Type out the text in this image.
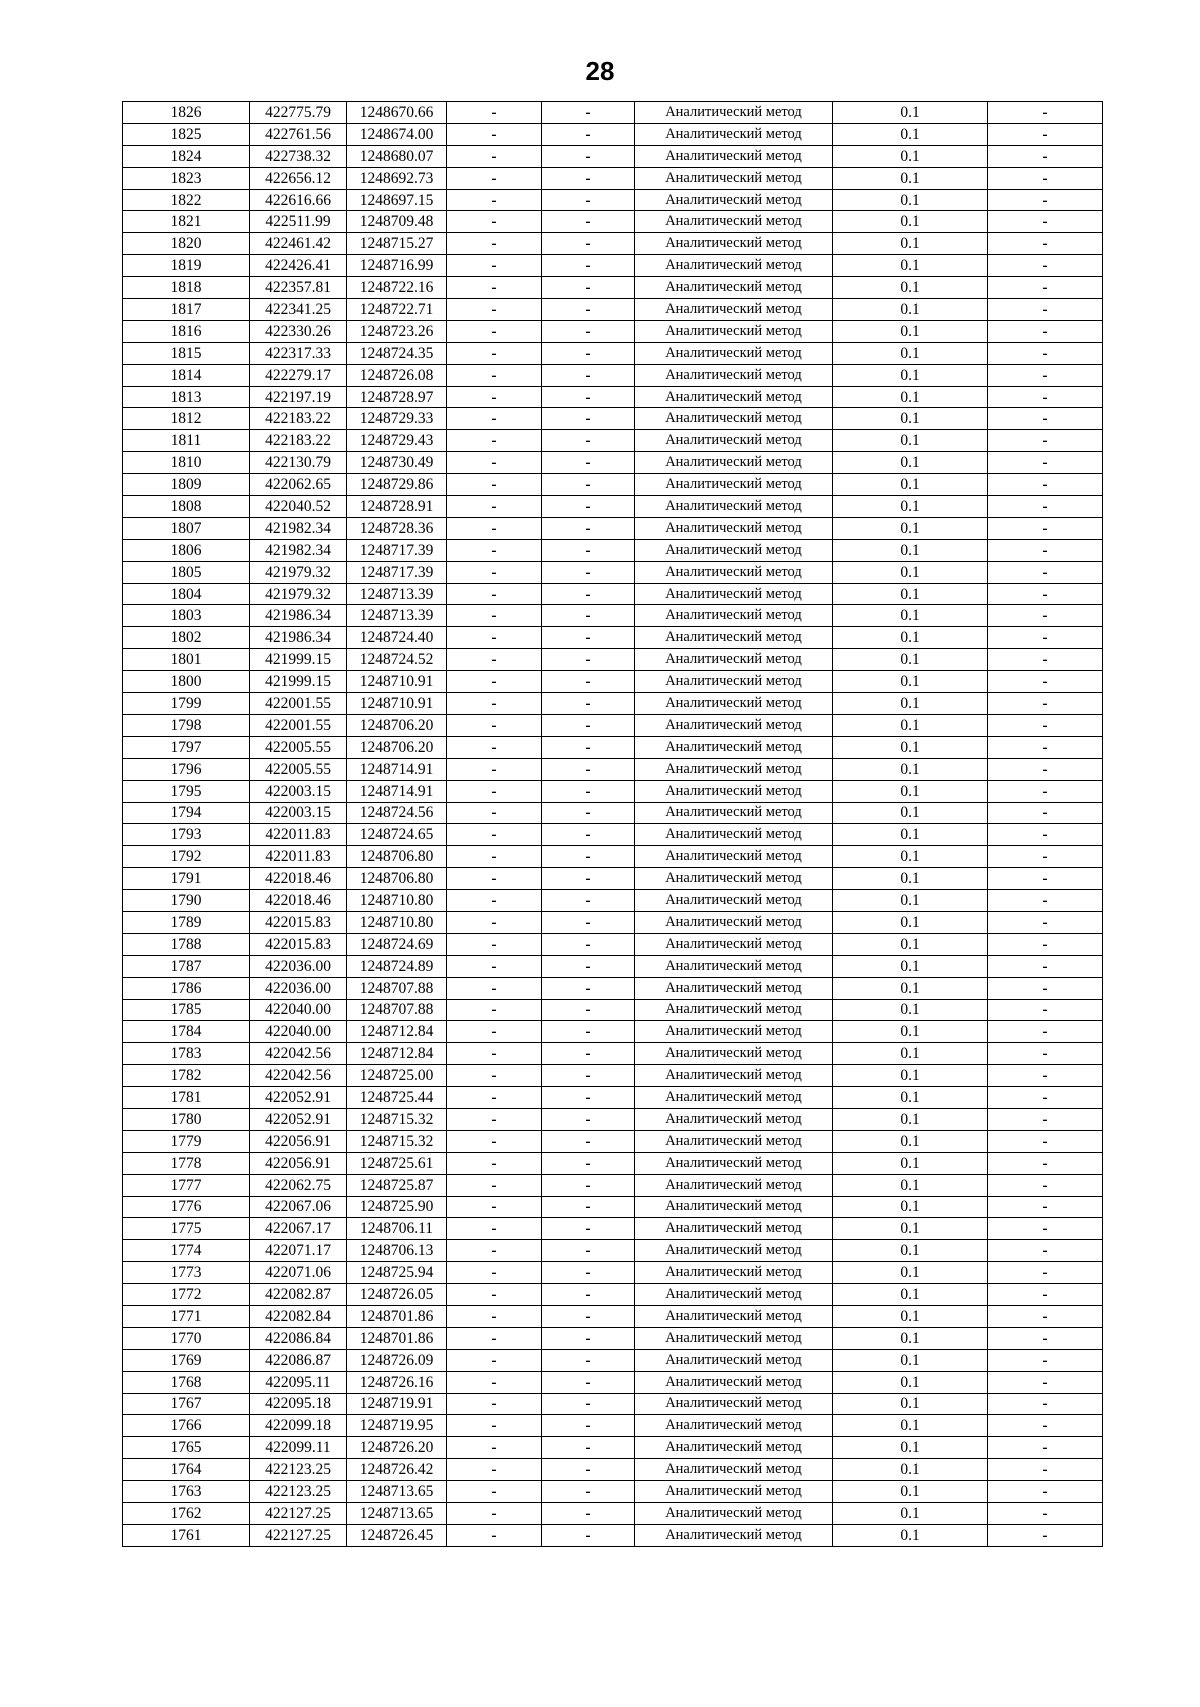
28
1826	422775.79	1248670.66	-	-	Аналитический метод	0.1	-
1825	422761.56	1248674.00	-	-	Аналитический метод	0.1	-
1824	422738.32	1248680.07	-	-	Аналитический метод	0.1	-
1823	422656.12	1248692.73	-	-	Аналитический метод	0.1	-
1822	422616.66	1248697.15	-	-	Аналитический метод	0.1	-
1821	422511.99	1248709.48	-	-	Аналитический метод	0.1	-
1820	422461.42	1248715.27	-	-	Аналитический метод	0.1	-
1819	422426.41	1248716.99	-	-	Аналитический метод	0.1	-
1818	422357.81	1248722.16	-	-	Аналитический метод	0.1	-
1817	422341.25	1248722.71	-	-	Аналитический метод	0.1	-
1816	422330.26	1248723.26	-	-	Аналитический метод	0.1	-
1815	422317.33	1248724.35	-	-	Аналитический метод	0.1	-
1814	422279.17	1248726.08	-	-	Аналитический метод	0.1	-
1813	422197.19	1248728.97	-	-	Аналитический метод	0.1	-
1812	422183.22	1248729.33	-	-	Аналитический метод	0.1	-
1811	422183.22	1248729.43	-	-	Аналитический метод	0.1	-
1810	422130.79	1248730.49	-	-	Аналитический метод	0.1	-
1809	422062.65	1248729.86	-	-	Аналитический метод	0.1	-
1808	422040.52	1248728.91	-	-	Аналитический метод	0.1	-
1807	421982.34	1248728.36	-	-	Аналитический метод	0.1	-
1806	421982.34	1248717.39	-	-	Аналитический метод	0.1	-
1805	421979.32	1248717.39	-	-	Аналитический метод	0.1	-
1804	421979.32	1248713.39	-	-	Аналитический метод	0.1	-
1803	421986.34	1248713.39	-	-	Аналитический метод	0.1	-
1802	421986.34	1248724.40	-	-	Аналитический метод	0.1	-
1801	421999.15	1248724.52	-	-	Аналитический метод	0.1	-
1800	421999.15	1248710.91	-	-	Аналитический метод	0.1	-
1799	422001.55	1248710.91	-	-	Аналитический метод	0.1	-
1798	422001.55	1248706.20	-	-	Аналитический метод	0.1	-
1797	422005.55	1248706.20	-	-	Аналитический метод	0.1	-
1796	422005.55	1248714.91	-	-	Аналитический метод	0.1	-
1795	422003.15	1248714.91	-	-	Аналитический метод	0.1	-
1794	422003.15	1248724.56	-	-	Аналитический метод	0.1	-
1793	422011.83	1248724.65	-	-	Аналитический метод	0.1	-
1792	422011.83	1248706.80	-	-	Аналитический метод	0.1	-
1791	422018.46	1248706.80	-	-	Аналитический метод	0.1	-
1790	422018.46	1248710.80	-	-	Аналитический метод	0.1	-
1789	422015.83	1248710.80	-	-	Аналитический метод	0.1	-
1788	422015.83	1248724.69	-	-	Аналитический метод	0.1	-
1787	422036.00	1248724.89	-	-	Аналитический метод	0.1	-
1786	422036.00	1248707.88	-	-	Аналитический метод	0.1	-
1785	422040.00	1248707.88	-	-	Аналитический метод	0.1	-
1784	422040.00	1248712.84	-	-	Аналитический метод	0.1	-
1783	422042.56	1248712.84	-	-	Аналитический метод	0.1	-
1782	422042.56	1248725.00	-	-	Аналитический метод	0.1	-
1781	422052.91	1248725.44	-	-	Аналитический метод	0.1	-
1780	422052.91	1248715.32	-	-	Аналитический метод	0.1	-
1779	422056.91	1248715.32	-	-	Аналитический метод	0.1	-
1778	422056.91	1248725.61	-	-	Аналитический метод	0.1	-
1777	422062.75	1248725.87	-	-	Аналитический метод	0.1	-
1776	422067.06	1248725.90	-	-	Аналитический метод	0.1	-
1775	422067.17	1248706.11	-	-	Аналитический метод	0.1	-
1774	422071.17	1248706.13	-	-	Аналитический метод	0.1	-
1773	422071.06	1248725.94	-	-	Аналитический метод	0.1	-
1772	422082.87	1248726.05	-	-	Аналитический метод	0.1	-
1771	422082.84	1248701.86	-	-	Аналитический метод	0.1	-
1770	422086.84	1248701.86	-	-	Аналитический метод	0.1	-
1769	422086.87	1248726.09	-	-	Аналитический метод	0.1	-
1768	422095.11	1248726.16	-	-	Аналитический метод	0.1	-
1767	422095.18	1248719.91	-	-	Аналитический метод	0.1	-
1766	422099.18	1248719.95	-	-	Аналитический метод	0.1	-
1765	422099.11	1248726.20	-	-	Аналитический метод	0.1	-
1764	422123.25	1248726.42	-	-	Аналитический метод	0.1	-
1763	422123.25	1248713.65	-	-	Аналитический метод	0.1	-
1762	422127.25	1248713.65	-	-	Аналитический метод	0.1	-
1761	422127.25	1248726.45	-	-	Аналитический метод	0.1	-
